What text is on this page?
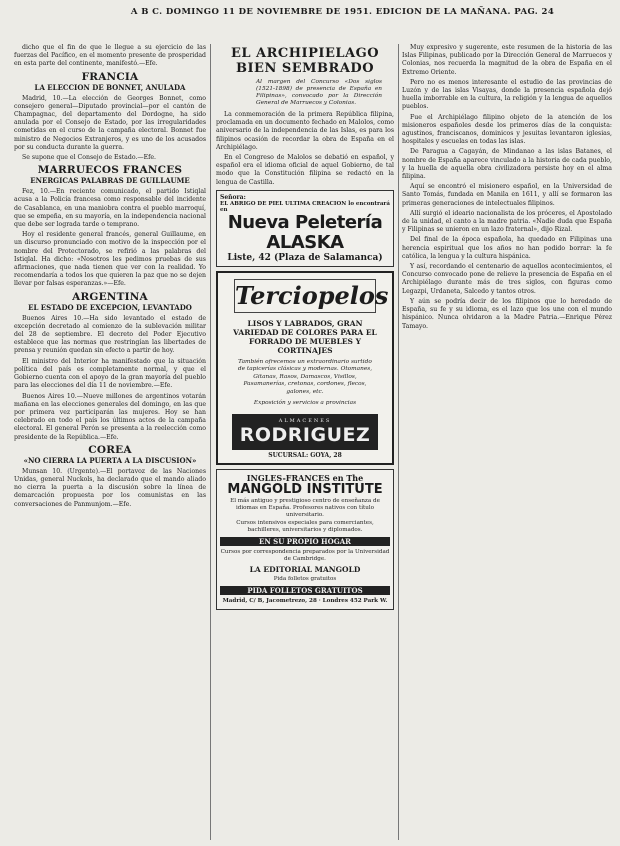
A B C. DOMINGO 11 DE NOVIEMBRE DE 1951. EDICION DE LA MAÑANA. PAG. 24

dicho que el fin de que le llegue a su ejercicio de las fuerzas del Pacífico, en el momento presente de prosperidad en esta parte del continente, manifestó.—Efe.

FRANCIA
LA ELECCION DE BONNET, ANULADA

Madrid, 10.—La elección de Georges Bonnet, como consejero general—Diputado provincial—por el cantón de Champagnac, del departamento del Dordogne, ha sido anulada por el Consejo de Estado, por las irregularidades cometidas en el curso de la campaña electoral. Bonnet fue ministro de Negocios Extranjeros, y es uno de los acusados por su conducta durante la guerra.

Se supone que el Consejo de Estado.—Efe.

MARRUECOS FRANCES
ENERGICAS PALABRAS DE GUILLAUME

Fez, 10.—En reciente comunicado, el partido Istiqlal acusa a la Policía francesa como responsable del incidente de Casablanca, en una maniobra contra el pueblo marroquí, que se empeña, en su mayoría, en la independencia nacional que debe ser lograda tarde o temprano.

Hoy el residente general francés, general Guillaume, en un discurso pronunciado con motivo de la inspección por el nombre del Protectorado, se refirió a las palabras del Istiqlal. Ha dicho: «Nosotros les pedimos pruebas de sus afirmaciones, que nada tienen que ver con la realidad. Yo recomendaría a todos los que quieren la paz que no se dejen llevar por falsas esperanzas.»—Efe.

ARGENTINA
EL ESTADO DE EXCEPCION, LEVANTADO

Buenos Aires 10.—Ha sido levantado el estado de excepción decretado al comienzo de la sublevación militar del 28 de septiembre. El decreto del Poder Ejecutivo establece que las normas que restringían las libertades de prensa y reunión quedan sin efecto a partir de hoy.

El ministro del Interior ha manifestado que la situación política del país es completamente normal, y que el Gobierno cuenta con el apoyo de la gran mayoría del pueblo para las elecciones del día 11 de noviembre.—Efe.

Buenos Aires 10.—Nueve millones de argentinos votarán mañana en las elecciones generales del domingo, en las que por primera vez participarán las mujeres. Hoy se han celebrado en todo el país los últimos actos de la campaña electoral. El general Perón se presenta a la reelección como presidente de la República.—Efe.

COREA
«NO CIERRA LA PUERTA A LA DISCUSION»

Munsan 10. (Urgente).—El portavoz de las Naciones Unidas, general Nuckols, ha declarado que el mando aliado no cierra la puerta a la discusión sobre la línea de demarcación propuesta por los comunistas en las conversaciones de Panmunjom.—Efe.

EL ARCHIPIELAGO BIEN SEMBRADO
Al margen del Concurso «Dos siglos (1521-1898) de presencia de España en Filipinas», convocado por la Dirección General de Marruecos y Colonias.

La conmemoración de la primera República filipina, proclamada en un documento fechado en Malolos, como aniversario de la independencia de las Islas, es para los filipinos ocasión de recordar la obra de España en el Archipiélago.

En el Congreso de Malolos se debatió en español, y español era el idioma oficial de aquel Gobierno, de tal modo que la Constitución filipina se redactó en la lengua de Castilla.

Señora:
EL ABRIGO DE PIEL ULTIMA CREACION lo encontrará en
Nueva Peletería ALASKA
Liste, 42 (Plaza de Salamanca)
Terciopelos
LISOS Y LABRADOS, GRAN VARIEDAD DE COLORES PARA EL FORRADO DE MUEBLES Y CORTINAJES
También ofrecemos un extraordinario surtido de tapicerías clásicas y modernas. Otomanes, Gitanas, Rasos, Damascos, Visillos, Pasamanerías, cretonas, cordones, flecos, galones, etc.
Exposición y servicios a provincias
ALMACENES
RODRIGUEZ
SUCURSAL: GOYA, 28
INGLES-FRANCES en The
MANGOLD INSTITUTE
El más antiguo y prestigioso centro de enseñanza de idiomas en España. Profesores nativos con título universitario.
Cursos intensivos especiales para comerciantes, bachilleres, universitarios y diplomados.
EN SU PROPIO HOGAR
Cursos por correspondencia preparados por la Universidad de Cambridge.
LA EDITORIAL MANGOLD
Pida folletos gratuitos
PIDA FOLLETOS GRATUITOS
Madrid, C/ B, Jacometrezo, 28 · Londres 452 Park W.

Muy expresivo y sugerente, este resumen de la historia de las Islas Filipinas, publicado por la Dirección General de Marruecos y Colonias, nos recuerda la magnitud de la obra de España en el Extremo Oriente.

Pero no es menos interesante el estudio de las provincias de Luzón y de las islas Visayas, donde la presencia española dejó huella imborrable en la cultura, la religión y la lengua de aquellos pueblos.

Fue el Archipiélago filipino objeto de la atención de los misioneros españoles desde los primeros días de la conquista: agustinos, franciscanos, dominicos y jesuitas levantaron iglesias, hospitales y escuelas en todas las islas.

De Paragua a Cagayán, de Mindanao a las islas Batanes, el nombre de España aparece vinculado a la historia de cada pueblo, y la huella de aquella obra civilizadora persiste hoy en el alma filipina.

Aquí se encontró el misionero español, en la Universidad de Santo Tomás, fundada en Manila en 1611, y allí se formaron las primeras generaciones de intelectuales filipinos.

Allí surgió el ideario nacionalista de los próceres, el Apostolado de la unidad, el canto a la madre patria. «Nadie duda que España y Filipinas se unieron en un lazo fraternal», dijo Rizal.

Del final de la época española, ha quedado en Filipinas una herencia espiritual que los años no han podido borrar: la fe católica, la lengua y la cultura hispánica.

Y así, recordando el centenario de aquellos acontecimientos, el Concurso convocado pone de relieve la presencia de España en el Archipiélago durante más de tres siglos, con figuras como Legazpi, Urdaneta, Salcedo y tantos otros.

Y aún se podría decir de los filipinos que lo heredado de España, su fe y su idioma, es el lazo que los une con el mundo hispánico. Nunca olvidaron a la Madre Patria.—Enrique Pérez Tamayo.
